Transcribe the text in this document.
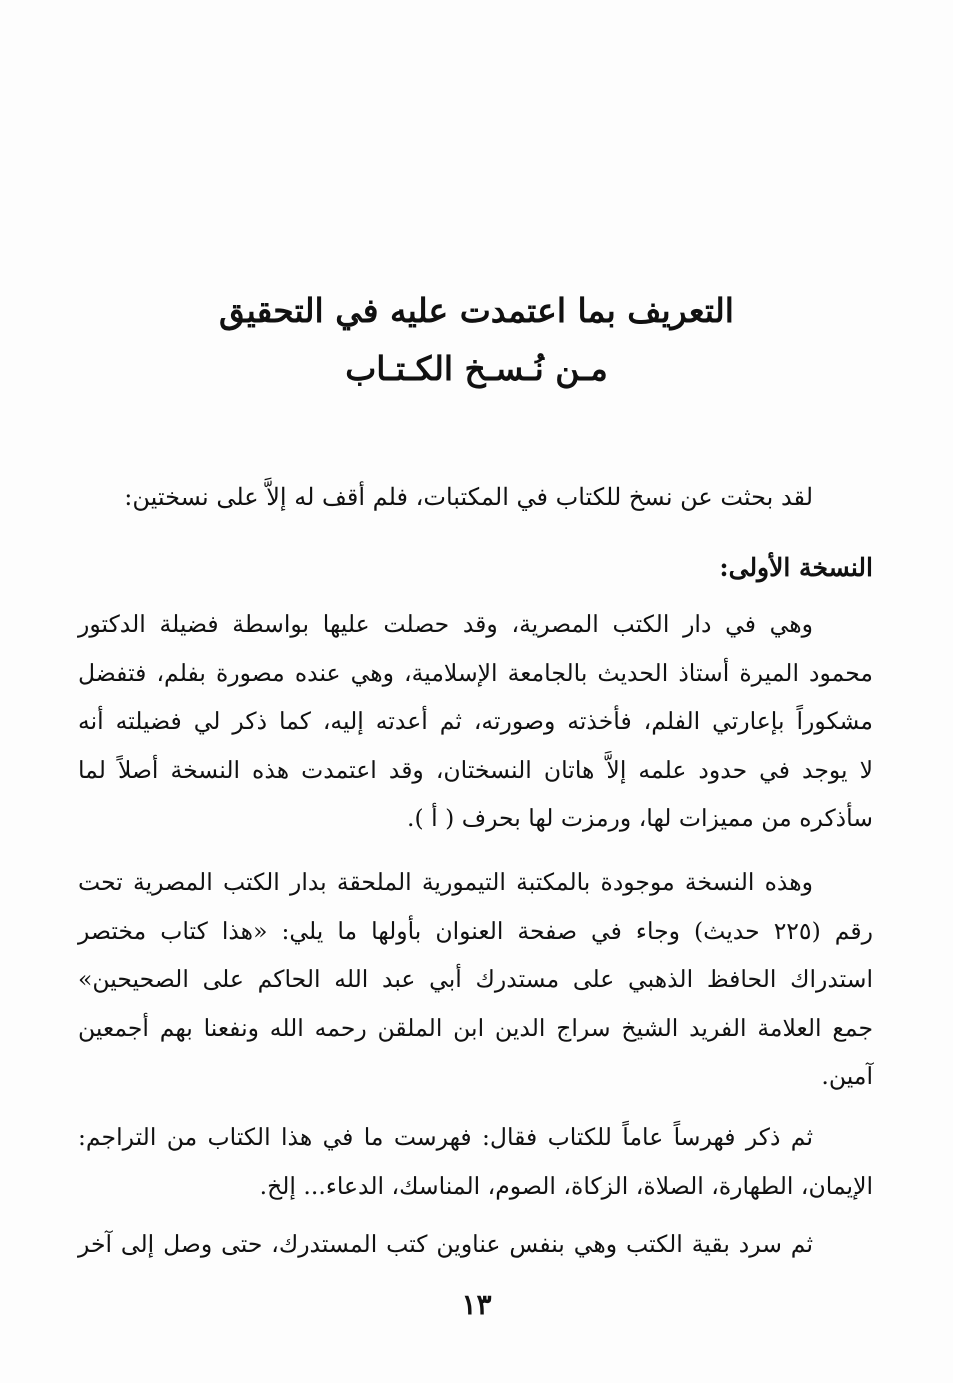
التعريف بما اعتمدت عليه في التحقيق
مـن نُـسـخ الكـتـاب
لقد بحثت عن نسخ للكتاب في المكتبات، فلم أقف له إلاَّ على نسختين:
النسخة الأولى:
وهي في دار الكتب المصرية، وقد حصلت عليها بواسطة فضيلة الدكتور
محمود الميرة أستاذ الحديث بالجامعة الإسلامية، وهي عنده مصورة بفلم، فتفضل
مشكوراً بإعارتي الفلم، فأخذته وصورته، ثم أعدته إليه، كما ذكر لي فضيلته أنه
لا يوجد في حدود علمه إلاَّ هاتان النسختان، وقد اعتمدت هذه النسخة أصلاً لما
سأذكره من مميزات لها، ورمزت لها بحرف ( أ ).
وهذه النسخة موجودة بالمكتبة التيمورية الملحقة بدار الكتب المصرية تحت
رقم (٢٢٥ حديث) وجاء في صفحة العنوان بأولها ما يلي: «هذا كتاب مختصر
استدراك الحافظ الذهبي على مستدرك أبي عبد الله الحاكم على الصحيحين»
جمع العلامة الفريد الشيخ سراج الدين ابن الملقن رحمه الله ونفعنا بهم أجمعين
آمين.
ثم ذكر فهرساً عاماً للكتاب فقال: فهرست ما في هذا الكتاب من التراجم:
الإيمان، الطهارة، الصلاة، الزكاة، الصوم، المناسك، الدعاء... إلخ.
ثم سرد بقية الكتب وهي بنفس عناوين كتب المستدرك، حتى وصل إلى آخر
١٣
